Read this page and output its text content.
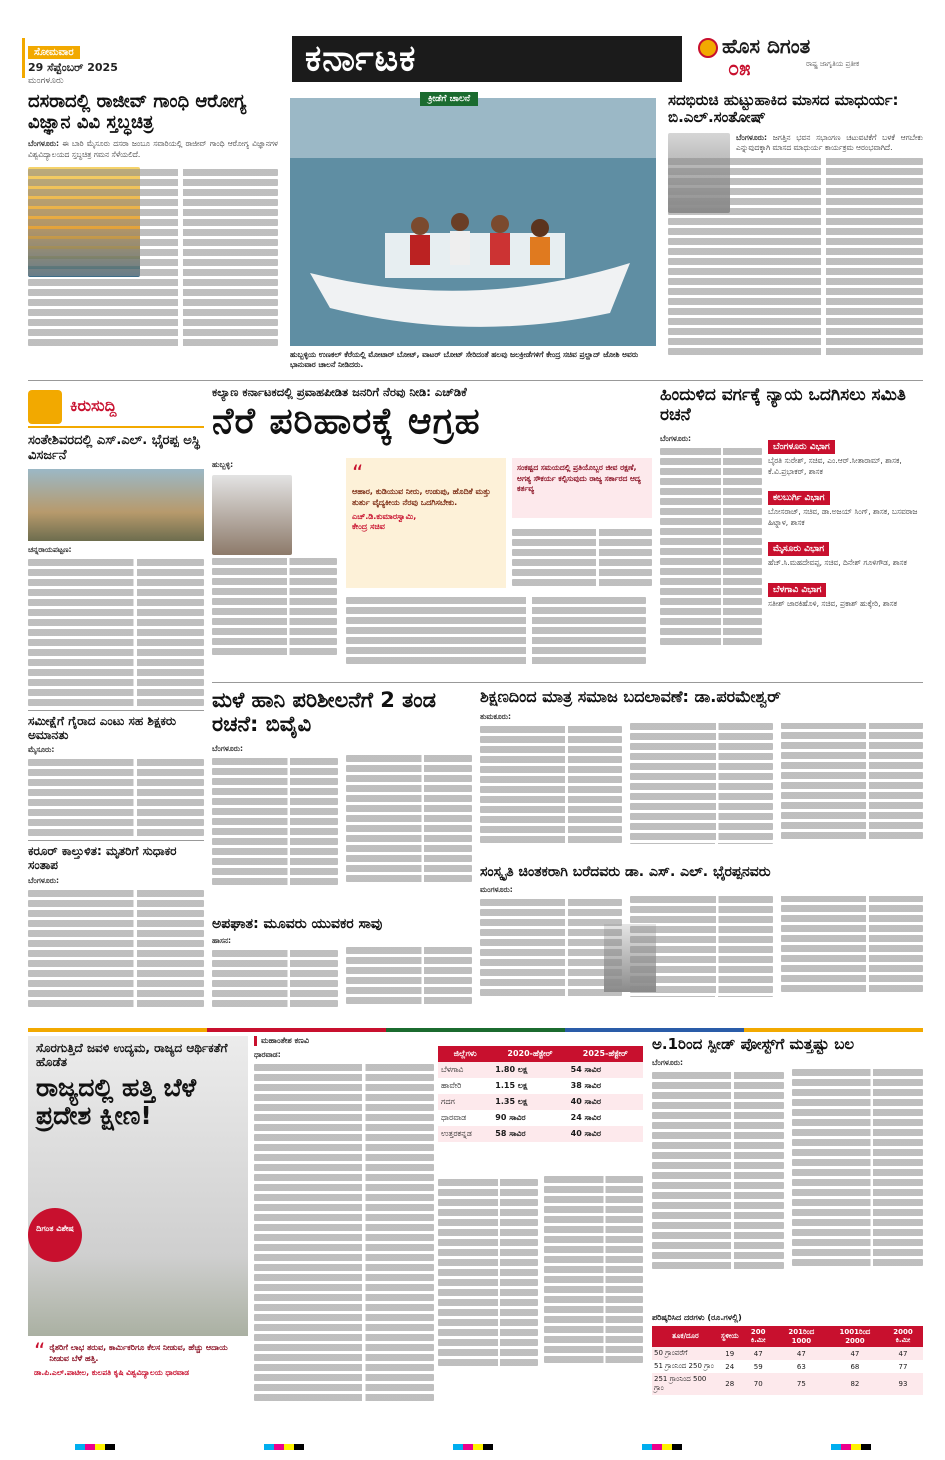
ಸೋಮವಾರ
29 ಸೆಪ್ಟೆಂಬರ್ 2025
ಮಂಗಳೂರು
ಕರ್ನಾಟಕ	ಹೊಸ ದಿಗಂತ
ರಾಷ್ಟ್ರ ಜಾಗೃತಿಯ ಪ್ರತೀಕ
೦೫
ದಸರಾದಲ್ಲಿ ರಾಜೀವ್ ಗಾಂಧಿ ಆರೋಗ್ಯ ವಿಜ್ಞಾನ ವಿವಿ ಸ್ತಬ್ಧಚಿತ್ರ
ಬೆಂಗಳೂರು: ಈ ಬಾರಿ ಮೈಸೂರು ದಸರಾ ಜಂಬೂ ಸವಾರಿಯಲ್ಲಿ ರಾಜೀವ್ ಗಾಂಧಿ ಆರೋಗ್ಯ ವಿಜ್ಞಾನಗಳ ವಿಶ್ವವಿದ್ಯಾಲಯದ ಸ್ತಬ್ಧಚಿತ್ರ ಗಮನ ಸೆಳೆಯಲಿದೆ.
ಕ್ರೀಡೆಗೆ ಚಾಲನೆ
ಹುಬ್ಬಳ್ಳಿಯ ಉಣಕಲ್ ಕೆರೆಯಲ್ಲಿ ಮೋಟಾರ್ ಬೋಟ್, ವಾಟರ್ ಬೋಟ್ ಸೇರಿದಂತೆ ಹಲವು ಜಲಕ್ರೀಡೆಗಳಿಗೆ ಕೇಂದ್ರ ಸಚಿವ ಪ್ರಲ್ಹಾದ್ ಜೋಶಿ ಅವರು ಭಾನುವಾರ ಚಾಲನೆ ನೀಡಿದರು.
ಸದಭಿರುಚಿ ಹುಟ್ಟುಹಾಕಿದ ಮಾಸದ ಮಾಧುರ್ಯ: ಬಿ.ಎಲ್.ಸಂತೋಷ್
ಬೆಂಗಳೂರು: ಜಗತ್ತಿನ ಭವನ ಸಭಾಂಗಣ ಚಟುವಟಿಕೆಗೆ ಬಳಕೆ ಆಗಬೇಕು ಎನ್ನುವುದಕ್ಕಾಗಿ ಮಾಸದ ಮಾಧುರ್ಯ ಕಾರ್ಯಕ್ರಮ ಆರಂಭವಾಗಿದೆ.
ಕಿರುಸುದ್ದಿ
ಸಂತೇಶಿವರದಲ್ಲಿ ಎಸ್.ಎಲ್. ಭೈರಪ್ಪ ಅಸ್ಥಿ ವಿಸರ್ಜನೆ
ಚನ್ನರಾಯಪಟ್ಟಣ:
ಸಮೀಕ್ಷೆಗೆ ಗೈರಾದ ಎಂಟು ಸಹ ಶಿಕ್ಷಕರು ಅಮಾನತು
ಮೈಸೂರು:
ಕರೂರ್ ಕಾಲ್ತುಳಿತ: ಮೃತರಿಗೆ ಸುಧಾಕರ ಸಂತಾಪ
ಬೆಂಗಳೂರು:
ಕಲ್ಯಾಣ ಕರ್ನಾಟಕದಲ್ಲಿ ಪ್ರವಾಹಪೀಡಿತ ಜನರಿಗೆ ನೆರವು ನೀಡಿ: ಎಚ್‌ಡಿಕೆ
ನೆರೆ ಪರಿಹಾರಕ್ಕೆ ಆಗ್ರಹ
ಹುಬ್ಬಳ್ಳಿ:	“
ಆಹಾರ, ಕುಡಿಯುವ ನೀರು, ಉಡುಪು, ಹೊದಿಕೆ ಮತ್ತು ತುರ್ತು ವೈದ್ಯಕೀಯ ನೆರವು ಒದಗಿಸಬೇಕು.
ಎಚ್.ಡಿ.ಕುಮಾರಸ್ವಾಮಿ,
ಕೇಂದ್ರ ಸಚಿವ
ಸಂಕಷ್ಟದ ಸಮಯದಲ್ಲಿ ಪ್ರತಿಯೊಬ್ಬರ ಜೀವ ರಕ್ಷಣೆ, ಅಗತ್ಯ ಸೌಕರ್ಯ ಕಲ್ಪಿಸುವುದು ರಾಜ್ಯ ಸರ್ಕಾರದ ಆದ್ಯ ಕರ್ತವ್ಯ
ಹಿಂದುಳಿದ ವರ್ಗಕ್ಕೆ ನ್ಯಾಯ ಒದಗಿಸಲು ಸಮಿತಿ ರಚನೆ
ಬೆಂಗಳೂರು:
ಬೆಂಗಳೂರು ವಿಭಾಗ
ಬೈರತಿ ಸುರೇಶ್, ಸಚಿವ, ಎಂ.ಆರ್.ಸೀತಾರಾಮ್, ಶಾಸಕ, ಕೆ.ವಿ.ಪ್ರಭಾಕರ್, ಶಾಸಕ
ಕಲಬುರ್ಗಿ ವಿಭಾಗ
ಬೋಸರಾಜ್, ಸಚಿವ, ಡಾ.ಅಜಯ್ ಸಿಂಗ್, ಶಾಸಕ, ಬಸವರಾಜ ಹಿಟ್ನಾಳ, ಶಾಸಕ
ಮೈಸೂರು ವಿಭಾಗ
ಹೆಚ್.ಸಿ.ಮಹದೇವಪ್ಪ, ಸಚಿವ, ದಿನೇಶ್ ಗೂಳಿಗೌಡ, ಶಾಸಕ
ಬೆಳಗಾವಿ ವಿಭಾಗ
ಸತೀಶ್ ಜಾರಕಿಹೊಳಿ, ಸಚಿವ, ಪ್ರಕಾಶ್ ಹುಕ್ಕೇರಿ, ಶಾಸಕ
ಮಳೆ ಹಾನಿ ಪರಿಶೀಲನೆಗೆ 2 ತಂಡ ರಚನೆ: ಬಿವೈವಿ
ಬೆಂಗಳೂರು:
ಶಿಕ್ಷಣದಿಂದ ಮಾತ್ರ ಸಮಾಜ ಬದಲಾವಣೆ: ಡಾ.ಪರಮೇಶ್ವರ್
ತುಮಕೂರು:
ಸಂಸ್ಕೃತಿ ಚಿಂತಕರಾಗಿ ಬರೆದವರು ಡಾ. ಎಸ್. ಎಲ್. ಭೈರಪ್ಪನವರು
ಮಂಗಳೂರು:
ಅಪಘಾತ: ಮೂವರು ಯುವಕರ ಸಾವು
ಹಾಸನ:
ಸೊರಗುತ್ತಿದೆ ಜವಳಿ ಉದ್ಯಮ, ರಾಜ್ಯದ ಆರ್ಥಿಕತೆಗೆ ಹೊಡೆತ
ರಾಜ್ಯದಲ್ಲಿ ಹತ್ತಿ ಬೆಳೆ ಪ್ರದೇಶ ಕ್ಷೀಣ!
ದಿಗಂತ ವಿಶೇಷ
“ ರೈತರಿಗೆ ಲಾಭ ತರುವ, ಕಾರ್ಮಿಕರಿಗೂ ಕೆಲಸ ನೀಡುವ, ಹೆಚ್ಚು ಆದಾಯ ನೀಡುವ ಬೆಳೆ ಹತ್ತಿ.
ಡಾ.ಪಿ.ಎಲ್.ಪಾಟೀಲ, ಕುಲಪತಿ ಕೃಷಿ ವಿಶ್ವವಿದ್ಯಾಲಯ ಧಾರವಾಡ
ಮಹಾಂತೇಶ ಕಣವಿ
ಧಾರವಾಡ:	ಜಿಲ್ಲೆಗಳು	2020-ಹೆಕ್ಟೇರ್	2025-ಹೆಕ್ಟೇರ್
ಬೆಳಗಾವಿ	1.80 ಲಕ್ಷ	54 ಸಾವಿರ
ಹಾವೇರಿ	1.15 ಲಕ್ಷ	38 ಸಾವಿರ
ಗದಗ	1.35 ಲಕ್ಷ	40 ಸಾವಿರ
ಧಾರವಾಡ	90 ಸಾವಿರ	24 ಸಾವಿರ
ಉತ್ತರಕನ್ನಡ	58 ಸಾವಿರ	40 ಸಾವಿರ
ಅ.1ರಿಂದ ಸ್ಪೀಡ್ ಪೋಸ್ಟ್‌ಗೆ ಮತ್ತಷ್ಟು ಬಲ
ಬೆಂಗಳೂರು:
ಪರಿಷ್ಕರಿಸಿದ ದರಗಳು (ರೂ.ಗಳಲ್ಲಿ)
ತೂಕ/ದೂರ	ಸ್ಥಳೀಯ	200 ಕಿ.ಮೀ	201ರಿಂದ 1000	1001ರಿಂದ 2000	2000 ಕಿ.ಮೀ
50 ಗ್ರಾಂವರೆಗೆ	19	47	47	47	47
51 ಗ್ರಾಂನಿಂದ 250 ಗ್ರಾಂ	24	59	63	68	77
251 ಗ್ರಾಂನಿಂದ 500 ಗ್ರಾಂ	28	70	75	82	93
